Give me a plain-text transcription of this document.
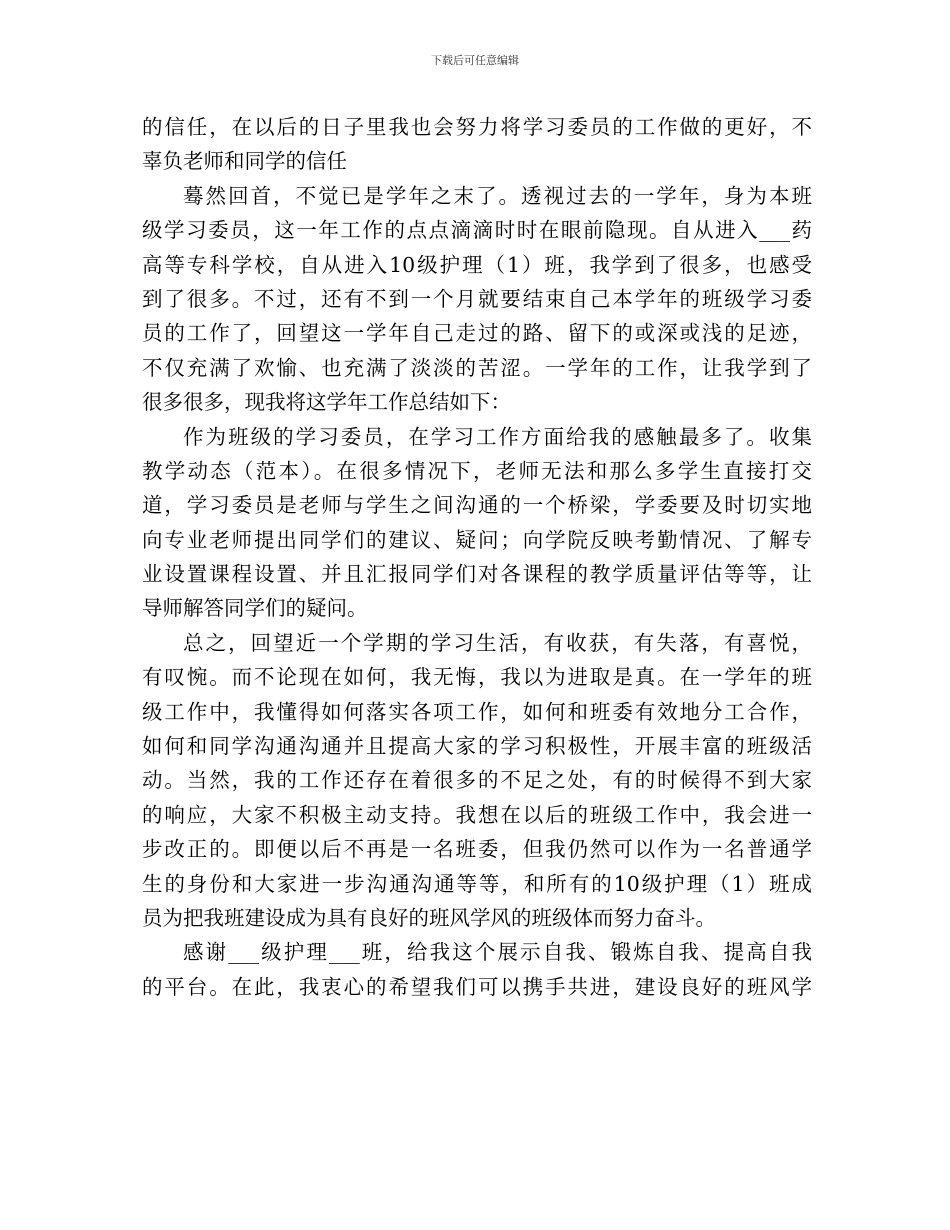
下载后可任意编辑
的信任，在以后的日子里我也会努力将学习委员的工作做的更好，不
辜负老师和同学的信任
蓦然回首，不觉已是学年之末了。透视过去的一学年，身为本班
级学习委员，这一年工作的点点滴滴时时在眼前隐现。自从进入___药
高等专科学校，自从进入10级护理（1）班，我学到了很多，也感受
到了很多。不过，还有不到一个月就要结束自己本学年的班级学习委
员的工作了，回望这一学年自己走过的路、留下的或深或浅的足迹，
不仅充满了欢愉、也充满了淡淡的苦涩。一学年的工作，让我学到了
很多很多，现我将这学年工作总结如下：
作为班级的学习委员，在学习工作方面给我的感触最多了。收集
教学动态（范本）。在很多情况下，老师无法和那么多学生直接打交
道，学习委员是老师与学生之间沟通的一个桥梁，学委要及时切实地
向专业老师提出同学们的建议、疑问；向学院反映考勤情况、了解专
业设置课程设置、并且汇报同学们对各课程的教学质量评估等等，让
导师解答同学们的疑问。
总之，回望近一个学期的学习生活，有收获，有失落，有喜悦，
有叹惋。而不论现在如何，我无悔，我以为进取是真。在一学年的班
级工作中，我懂得如何落实各项工作，如何和班委有效地分工合作，
如何和同学沟通沟通并且提高大家的学习积极性，开展丰富的班级活
动。当然，我的工作还存在着很多的不足之处，有的时候得不到大家
的响应，大家不积极主动支持。我想在以后的班级工作中，我会进一
步改正的。即便以后不再是一名班委，但我仍然可以作为一名普通学
生的身份和大家进一步沟通沟通等等，和所有的10级护理（1）班成
员为把我班建设成为具有良好的班风学风的班级体而努力奋斗。
感谢___级护理___班，给我这个展示自我、锻炼自我、提高自我
的平台。在此，我衷心的希望我们可以携手共进，建设良好的班风学
